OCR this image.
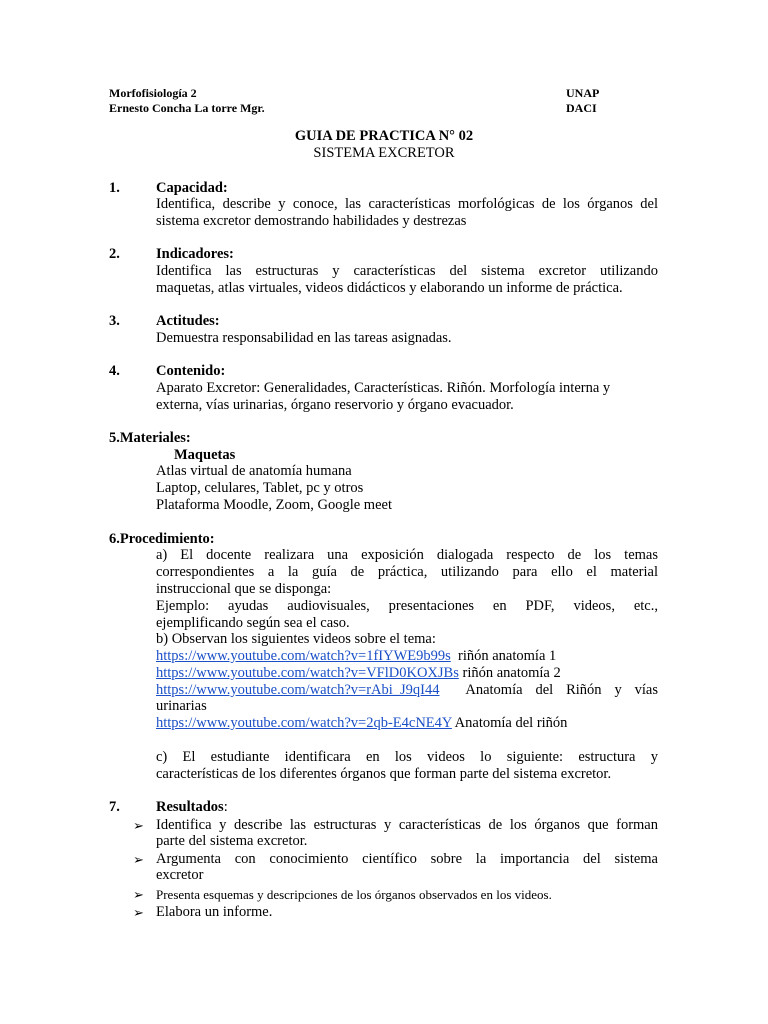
Morfofisiología 2
Ernesto Concha La torre Mgr.
UNAP
DACI
GUIA DE PRACTICA N° 02
SISTEMA EXCRETOR
1. Capacidad:
Identifica, describe y conoce, las características morfológicas de los órganos del
sistema excretor demostrando habilidades y destrezas
2. Indicadores:
Identifica las estructuras y características del sistema excretor utilizando
maquetas, atlas virtuales, videos didácticos y elaborando un informe de práctica.
3. Actitudes:
Demuestra responsabilidad en las tareas asignadas.
4. Contenido:
Aparato Excretor: Generalidades, Características. Riñón. Morfología interna y
externa, vías urinarias, órgano reservorio y órgano evacuador.
5.Materiales:
Maquetas
Atlas virtual de anatomía humana
Laptop, celulares, Tablet, pc y otros
Plataforma Moodle, Zoom, Google meet
6.Procedimiento:
a) El docente realizara una exposición dialogada respecto de los temas
correspondientes a la guía de práctica, utilizando para ello el material
instruccional que se disponga:
Ejemplo: ayudas audiovisuales, presentaciones en PDF, videos, etc.,
ejemplificando según sea el caso.
b) Observan los siguientes videos sobre el tema:
https://www.youtube.com/watch?v=1fIYWE9b99s riñón anatomía 1
https://www.youtube.com/watch?v=VFlD0KOXJBs riñón anatomía 2
https://www.youtube.com/watch?v=rAbi_J9qI44 Anatomía del Riñón y vías
urinarias
https://www.youtube.com/watch?v=2qb-E4cNE4Y Anatomía del riñón
c) El estudiante identificara en los videos lo siguiente: estructura y
características de los diferentes órganos que forman parte del sistema excretor.
7. Resultados:
➢ Identifica y describe las estructuras y características de los órganos que forman
parte del sistema excretor.
➢ Argumenta con conocimiento científico sobre la importancia del sistema
excretor
➢ Presenta esquemas y descripciones de los órganos observados en los videos.
➢ Elabora un informe.
